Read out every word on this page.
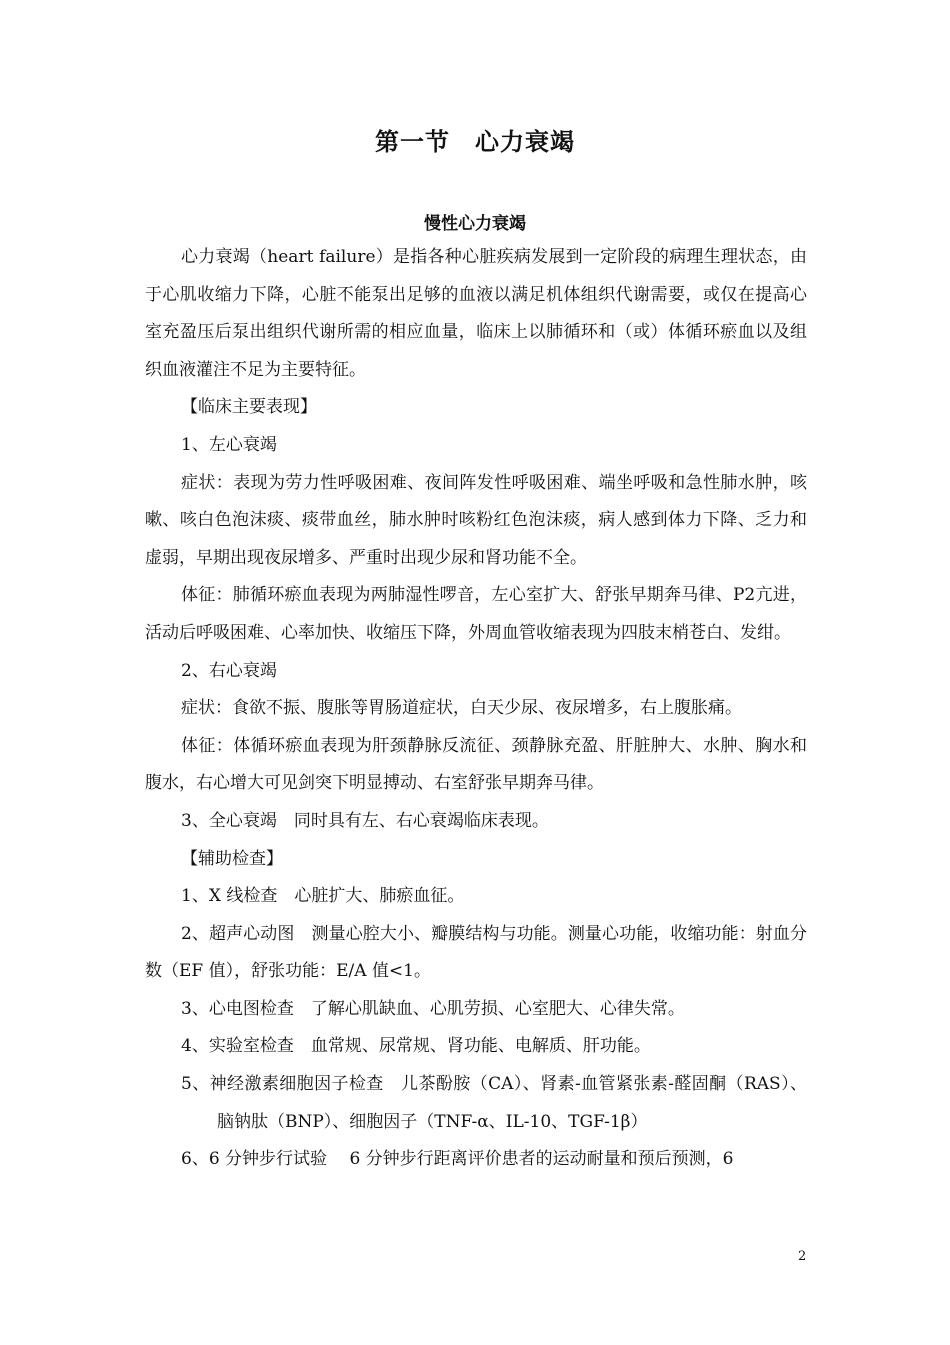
第一节　心力衰竭
慢性心力衰竭

心力衰竭（heart failure）是指各种心脏疾病发展到一定阶段的病理生理状态，由于心肌收缩力下降，心脏不能泵出足够的血液以满足机体组织代谢需要，或仅在提高心室充盈压后泵出组织代谢所需的相应血量，临床上以肺循环和（或）体循环瘀血以及组织血液灌注不足为主要特征。

【临床主要表现】

1、左心衰竭

症状：表现为劳力性呼吸困难、夜间阵发性呼吸困难、端坐呼吸和急性肺水肿，咳嗽、咳白色泡沫痰、痰带血丝，肺水肿时咳粉红色泡沫痰，病人感到体力下降、乏力和虚弱，早期出现夜尿增多、严重时出现少尿和肾功能不全。

体征：肺循环瘀血表现为两肺湿性啰音，左心室扩大、舒张早期奔马律、P2亢进，活动后呼吸困难、心率加快、收缩压下降，外周血管收缩表现为四肢末梢苍白、发绀。

2、右心衰竭

症状：食欲不振、腹胀等胃肠道症状，白天少尿、夜尿增多，右上腹胀痛。

体征：体循环瘀血表现为肝颈静脉反流征、颈静脉充盈、肝脏肿大、水肿、胸水和腹水，右心增大可见剑突下明显搏动、右室舒张早期奔马律。

3、全心衰竭　同时具有左、右心衰竭临床表现。

【辅助检查】

1、X 线检查　心脏扩大、肺瘀血征。

2、超声心动图　测量心腔大小、瓣膜结构与功能。测量心功能，收缩功能：射血分数（EF 值），舒张功能：E/A 值<1。

3、心电图检查　了解心肌缺血、心肌劳损、心室肥大、心律失常。

4、实验室检查　血常规、尿常规、肾功能、电解质、肝功能。

5、神经激素细胞因子检查　儿茶酚胺（CA）、肾素-血管紧张素-醛固酮（RAS）、脑钠肽（BNP）、细胞因子（TNF-α、IL-10、TGF-1β）

6、6 分钟步行试验　 6 分钟步行距离评价患者的运动耐量和预后预测，6

2
